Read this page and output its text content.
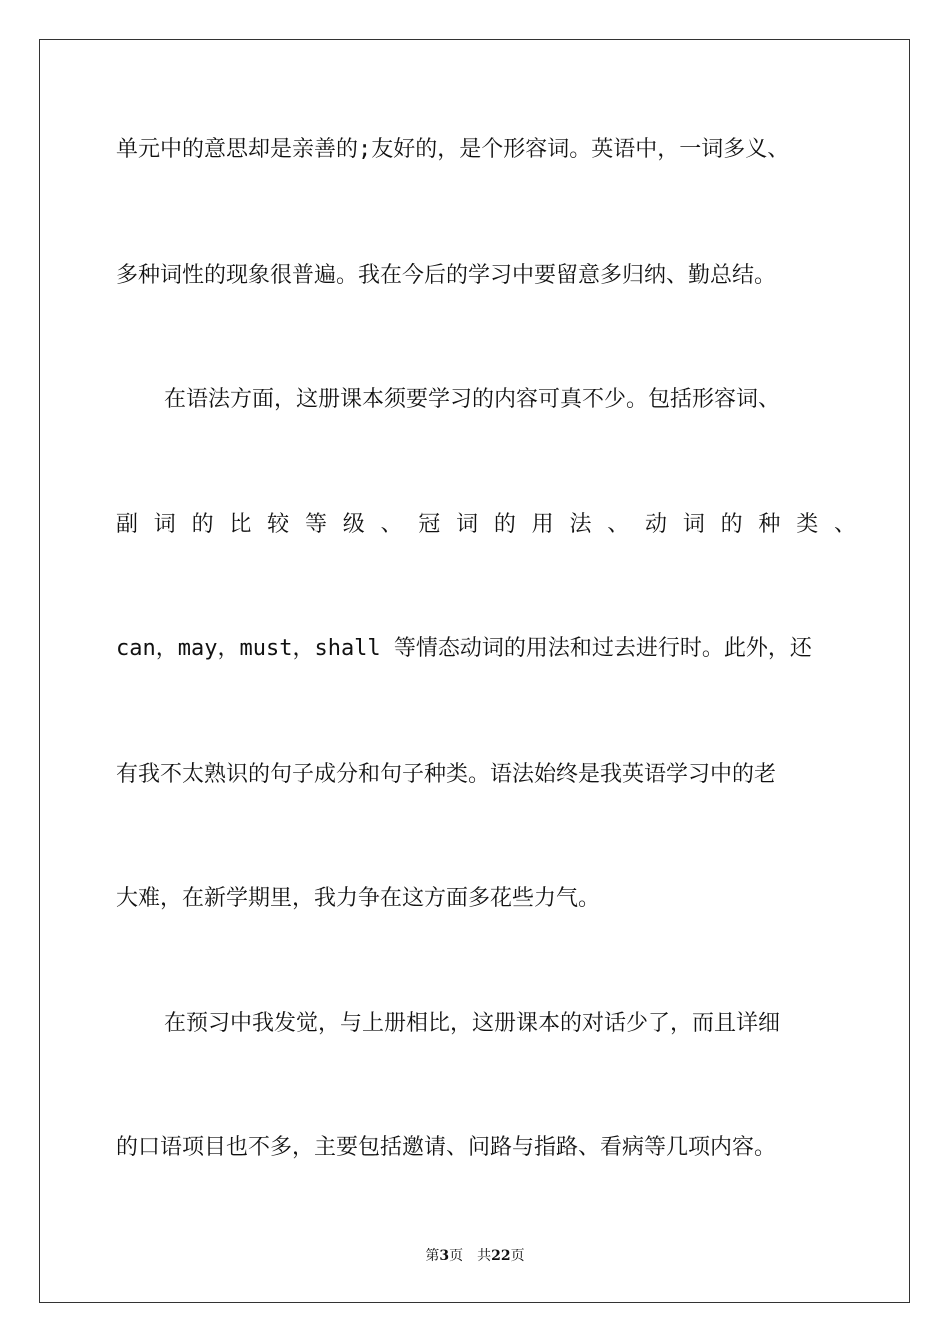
单元中的意思却是亲善的;友好的，是个形容词。英语中，一词多义、
多种词性的现象很普遍。我在今后的学习中要留意多归纳、勤总结。
在语法方面，这册课本须要学习的内容可真不少。包括形容词、
副词的比较等级、冠词的用法、动词的种类、
can，may，must，shall 等情态动词的用法和过去进行时。此外，还
有我不太熟识的句子成分和句子种类。语法始终是我英语学习中的老
大难，在新学期里，我力争在这方面多花些力气。
在预习中我发觉，与上册相比，这册课本的对话少了，而且详细
的口语项目也不多，主要包括邀请、问路与指路、看病等几项内容。
第3页 共22页
